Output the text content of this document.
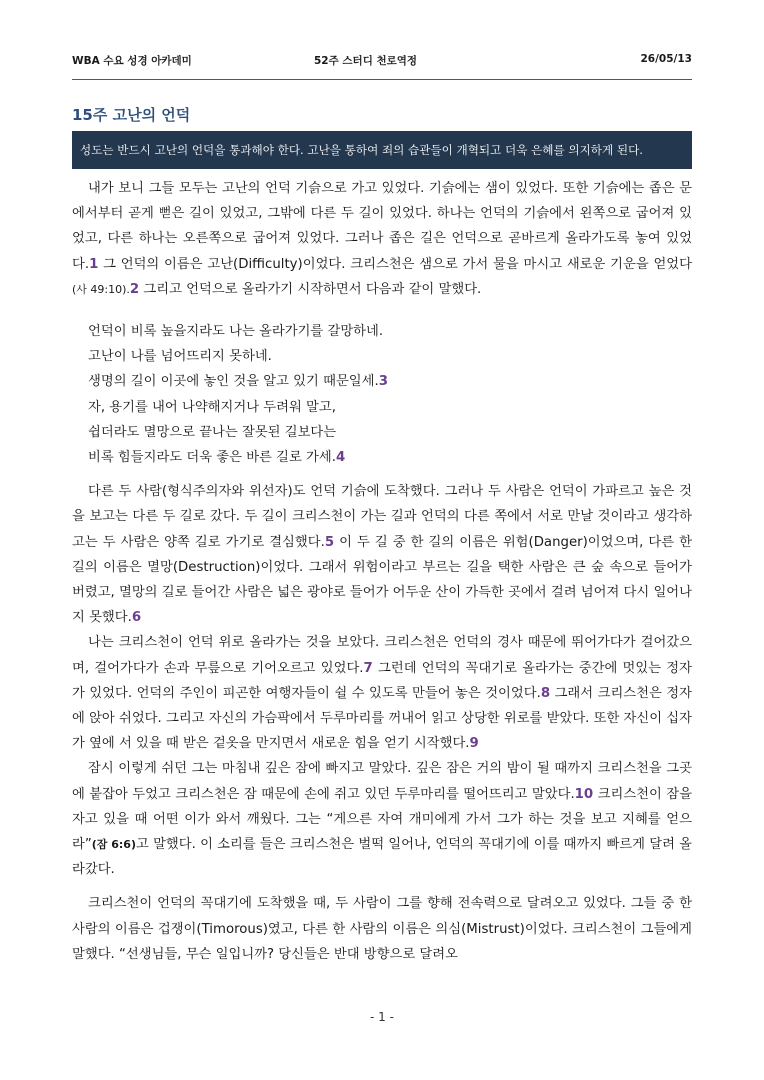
WBA 수요 성경 아카데미	52주 스터디 천로역정	26/05/13
15주 고난의 언덕
성도는 반드시 고난의 언덕을 통과해야 한다. 고난을 통하여 죄의 습관들이 개혁되고 더욱 은혜를 의지하게 된다.

내가 보니 그들 모두는 고난의 언덕 기슭으로 가고 있었다. 기슭에는 샘이 있었다. 또한 기슭에는 좁은 문에서부터 곧게 뻗은 길이 있었고, 그밖에 다른 두 길이 있었다. 하나는 언덕의 기슭에서 왼쪽으로 굽어져 있었고, 다른 하나는 오른쪽으로 굽어져 있었다. 그러나 좁은 길은 언덕으로 곧바르게 올라가도록 놓여 있었다.1 그 언덕의 이름은 고난(Difficulty)이었다. 크리스천은 샘으로 가서 물을 마시고 새로운 기운을 얻었다(사 49:10).2 그리고 언덕으로 올라가기 시작하면서 다음과 같이 말했다.

언덕이 비록 높을지라도 나는 올라가기를 갈망하네.
고난이 나를 넘어뜨리지 못하네.
생명의 길이 이곳에 놓인 것을 알고 있기 때문일세.3
자, 용기를 내어 나약해지거나 두려워 말고,
쉽더라도 멸망으로 끝나는 잘못된 길보다는
비록 힘들지라도 더욱 좋은 바른 길로 가세.4

다른 두 사람(형식주의자와 위선자)도 언덕 기슭에 도착했다. 그러나 두 사람은 언덕이 가파르고 높은 것을 보고는 다른 두 길로 갔다. 두 길이 크리스천이 가는 길과 언덕의 다른 쪽에서 서로 만날 것이라고 생각하고는 두 사람은 양쪽 길로 가기로 결심했다.5 이 두 길 중 한 길의 이름은 위험(Danger)이었으며, 다른 한 길의 이름은 멸망(Destruction)이었다. 그래서 위험이라고 부르는 길을 택한 사람은 큰 숲 속으로 들어가 버렸고, 멸망의 길로 들어간 사람은 넓은 광야로 들어가 어두운 산이 가득한 곳에서 걸려 넘어져 다시 일어나지 못했다.6

나는 크리스천이 언덕 위로 올라가는 것을 보았다. 크리스천은 언덕의 경사 때문에 뛰어가다가 걸어갔으며, 걸어가다가 손과 무릎으로 기어오르고 있었다.7 그런데 언덕의 꼭대기로 올라가는 중간에 멋있는 정자가 있었다. 언덕의 주인이 피곤한 여행자들이 쉴 수 있도록 만들어 놓은 것이었다.8 그래서 크리스천은 정자에 앉아 쉬었다. 그리고 자신의 가슴팍에서 두루마리를 꺼내어 읽고 상당한 위로를 받았다. 또한 자신이 십자가 옆에 서 있을 때 받은 겉옷을 만지면서 새로운 힘을 얻기 시작했다.9

잠시 이렇게 쉬던 그는 마침내 깊은 잠에 빠지고 말았다. 깊은 잠은 거의 밤이 될 때까지 크리스천을 그곳에 붙잡아 두었고 크리스천은 잠 때문에 손에 쥐고 있던 두루마리를 떨어뜨리고 말았다.10 크리스천이 잠을 자고 있을 때 어떤 이가 와서 깨웠다. 그는 “게으른 자여 개미에게 가서 그가 하는 것을 보고 지혜를 얻으라”(잠 6:6)고 말했다. 이 소리를 들은 크리스천은 벌떡 일어나, 언덕의 꼭대기에 이를 때까지 빠르게 달려 올라갔다.

크리스천이 언덕의 꼭대기에 도착했을 때, 두 사람이 그를 향해 전속력으로 달려오고 있었다. 그들 중 한 사람의 이름은 겁쟁이(Timorous)였고, 다른 한 사람의 이름은 의심(Mistrust)이었다. 크리스천이 그들에게 말했다. “선생님들, 무슨 일입니까? 당신들은 반대 방향으로 달려오

- 1 -
